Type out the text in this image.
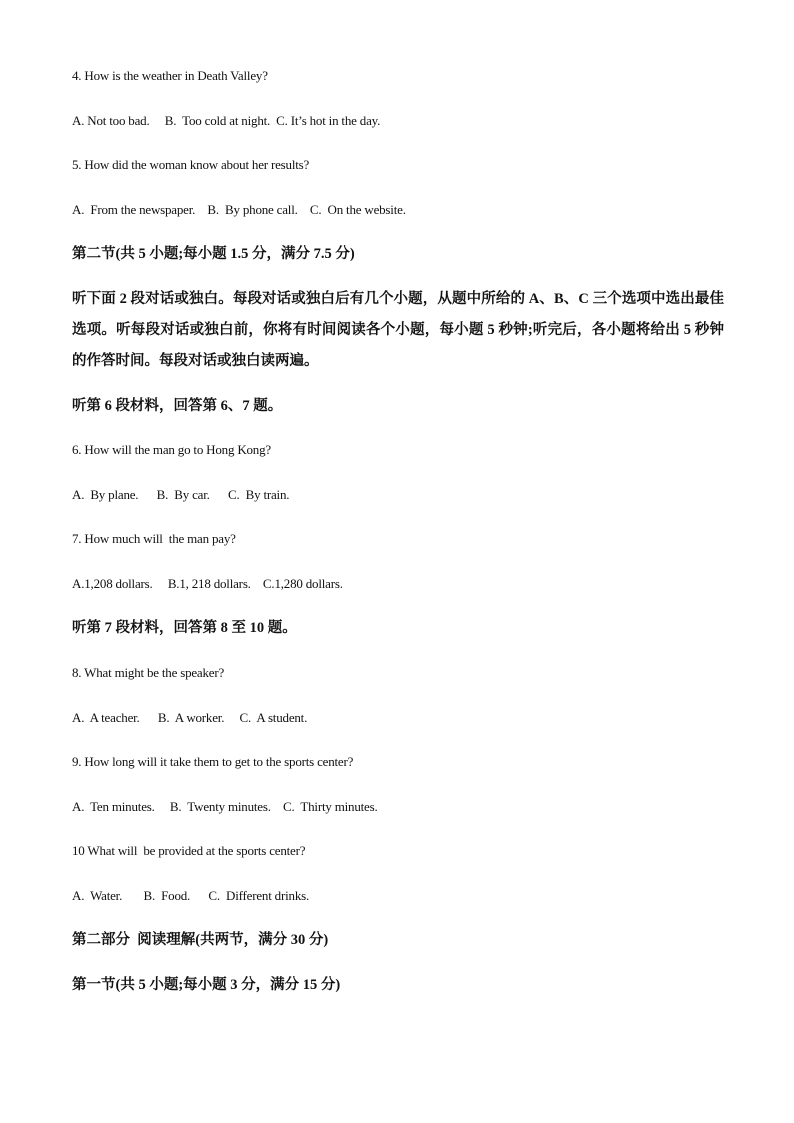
4. How is the weather in Death Valley?
A. Not too bad.     B.  Too cold at night.  C. It’s hot in the day.
5. How did the woman know about her results?
A.  From the newspaper.    B.  By phone call.    C.  On the website.
第二节(共 5 小题;每小题 1.5 分，满分 7.5 分)
听下面 2 段对话或独白。每段对话或独白后有几个小题，从题中所给的 A、B、C 三个选项中选出最佳选项。听每段对话或独白前，你将有时间阅读各个小题，每小题 5 秒钟;听完后，各小题将给出 5 秒钟的作答时间。每段对话或独白读两遍。
听第 6 段材料，回答第 6、7 题。
6. How will the man go to Hong Kong?
A.  By plane.      B.  By car.      C.  By train.
7. How much will  the man pay?
A.1,208 dollars.     B.1, 218 dollars.    C.1,280 dollars.
听第 7 段材料，回答第 8 至 10 题。
8. What might be the speaker?
A.  A teacher.      B.  A worker.     C.  A student.
9. How long will it take them to get to the sports center?
A.  Ten minutes.     B.  Twenty minutes.    C.  Thirty minutes.
10 What will  be provided at the sports center?
A.  Water.       B.  Food.      C.  Different drinks.
第二部分  阅读理解(共两节，满分 30 分)
第一节(共 5 小题;每小题 3 分，满分 15 分)
